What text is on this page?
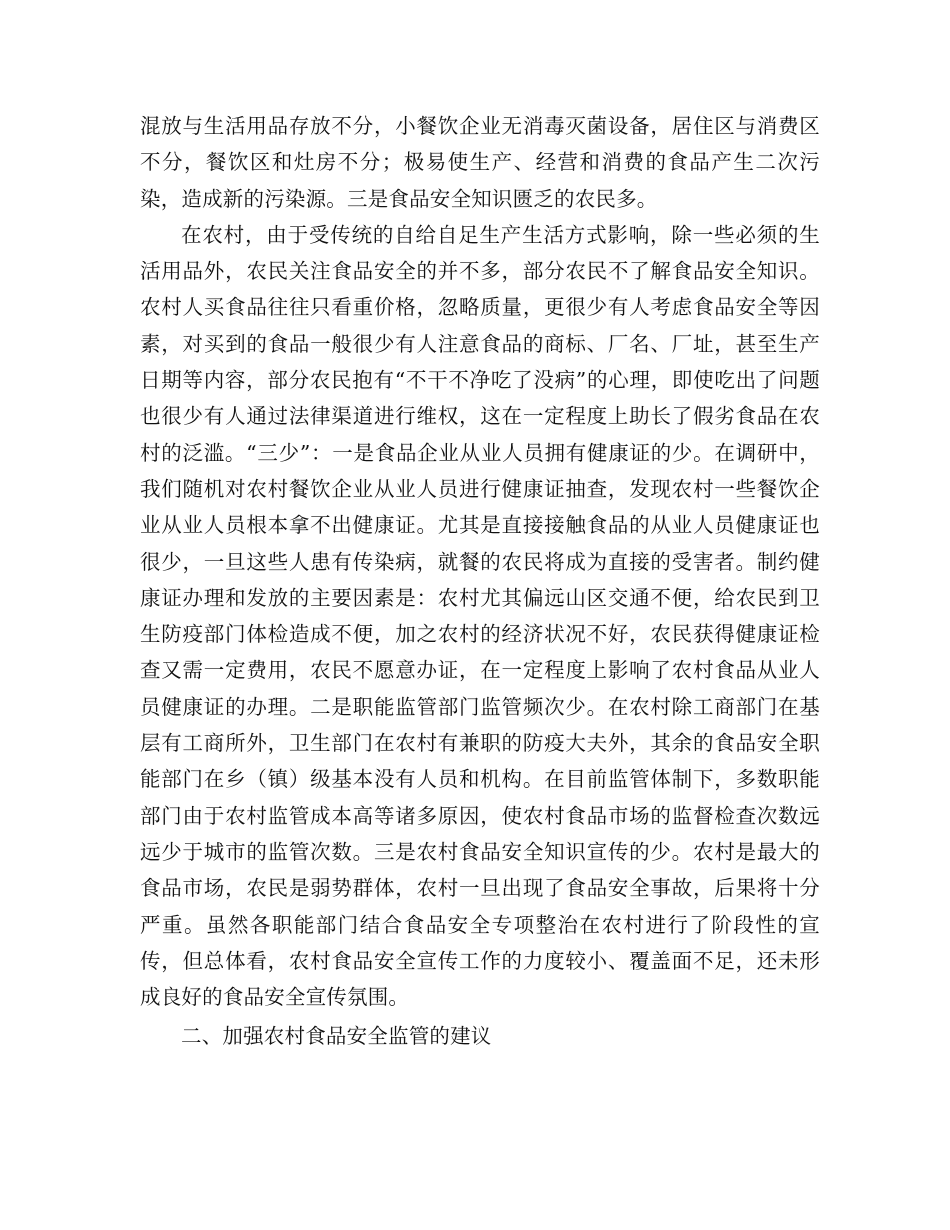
混放与生活用品存放不分，小餐饮企业无消毒灭菌设备，居住区与消费区不分，餐饮区和灶房不分；极易使生产、经营和消费的食品产生二次污染，造成新的污染源。三是食品安全知识匮乏的农民多。

在农村，由于受传统的自给自足生产生活方式影响，除一些必须的生活用品外，农民关注食品安全的并不多，部分农民不了解食品安全知识。农村人买食品往往只看重价格，忽略质量，更很少有人考虑食品安全等因素，对买到的食品一般很少有人注意食品的商标、厂名、厂址，甚至生产日期等内容，部分农民抱有“不干不净吃了没病”的心理，即使吃出了问题也很少有人通过法律渠道进行维权，这在一定程度上助长了假劣食品在农村的泛滥。“三少”：一是食品企业从业人员拥有健康证的少。在调研中，我们随机对农村餐饮企业从业人员进行健康证抽查，发现农村一些餐饮企业从业人员根本拿不出健康证。尤其是直接接触食品的从业人员健康证也很少，一旦这些人患有传染病，就餐的农民将成为直接的受害者。制约健康证办理和发放的主要因素是：农村尤其偏远山区交通不便，给农民到卫生防疫部门体检造成不便，加之农村的经济状况不好，农民获得健康证检查又需一定费用，农民不愿意办证，在一定程度上影响了农村食品从业人员健康证的办理。二是职能监管部门监管频次少。在农村除工商部门在基层有工商所外，卫生部门在农村有兼职的防疫大夫外，其余的食品安全职能部门在乡（镇）级基本没有人员和机构。在目前监管体制下，多数职能部门由于农村监管成本高等诸多原因，使农村食品市场的监督检查次数远远少于城市的监管次数。三是农村食品安全知识宣传的少。农村是最大的食品市场，农民是弱势群体，农村一旦出现了食品安全事故，后果将十分严重。虽然各职能部门结合食品安全专项整治在农村进行了阶段性的宣传，但总体看，农村食品安全宣传工作的力度较小、覆盖面不足，还未形成良好的食品安全宣传氛围。

二、加强农村食品安全监管的建议
